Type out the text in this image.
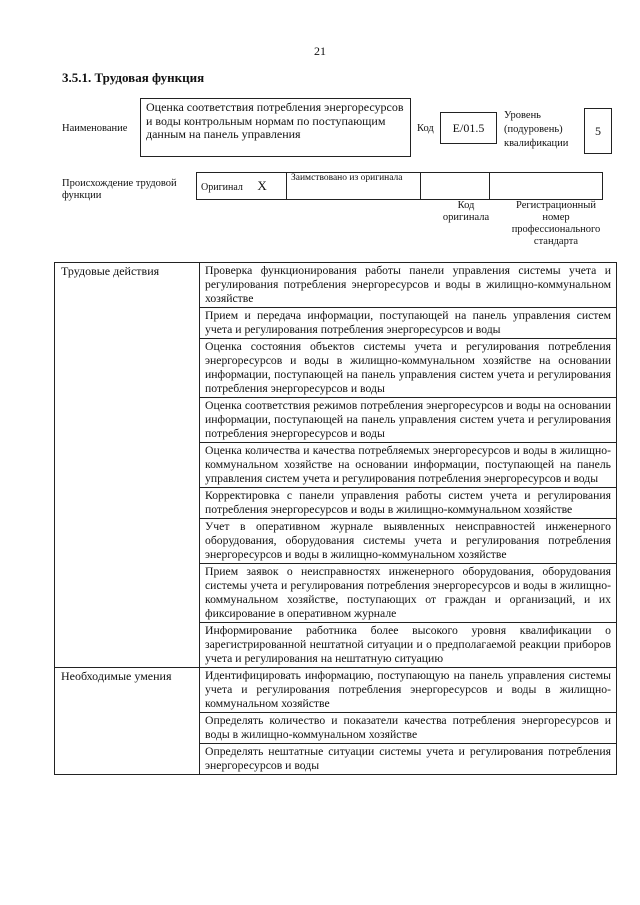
21
3.5.1. Трудовая функция
Наименование
Оценка соответствия потребления энергоресурсов и воды контрольным нормам по поступающим данным на панель управления	Код	E/01.5
Уровень (подуровень) квалификации
5
Происхождение трудовой функции
Оригинал X	Заимствовано из оригинала		
Код оригинала
Регистрационный номер профессионального стандарта
Трудовые действия	Проверка функционирования работы панели управления системы учета и регулирования потребления энергоресурсов и воды в жилищно-коммунальном хозяйстве
	Прием и передача информации, поступающей на панель управления систем учета и регулирования потребления энергоресурсов и воды
	Оценка состояния объектов системы учета и регулирования потребления энергоресурсов и воды в жилищно-коммунальном хозяйстве на основании информации, поступающей на панель управления систем учета и регулирования потребления энергоресурсов и воды
	Оценка соответствия режимов потребления энергоресурсов и воды на основании информации, поступающей на панель управления систем учета и регулирования потребления энергоресурсов и воды
	Оценка количества и качества потребляемых энергоресурсов и воды в жилищно-коммунальном хозяйстве на основании информации, поступающей на панель управления систем учета и регулирования потребления энергоресурсов и воды
	Корректировка с панели управления работы систем учета и регулирования потребления энергоресурсов и воды в жилищно-коммунальном хозяйстве
	Учет в оперативном журнале выявленных неисправностей инженерного оборудования, оборудования системы учета и регулирования потребления энергоресурсов и воды в жилищно-коммунальном хозяйстве
	Прием заявок о неисправностях инженерного оборудования, оборудования системы учета и регулирования потребления энергоресурсов и воды в жилищно-коммунальном хозяйстве, поступающих от граждан и организаций, и их фиксирование в оперативном журнале
	Информирование работника более высокого уровня квалификации о зарегистрированной нештатной ситуации и о предполагаемой реакции приборов учета и регулирования на нештатную ситуацию
Необходимые умения	Идентифицировать информацию, поступающую на панель управления системы учета и регулирования потребления энергоресурсов и воды в жилищно-коммунальном хозяйстве
	Определять количество и показатели качества потребления энергоресурсов и воды в жилищно-коммунальном хозяйстве
	Определять нештатные ситуации системы учета и регулирования потребления энергоресурсов и воды
